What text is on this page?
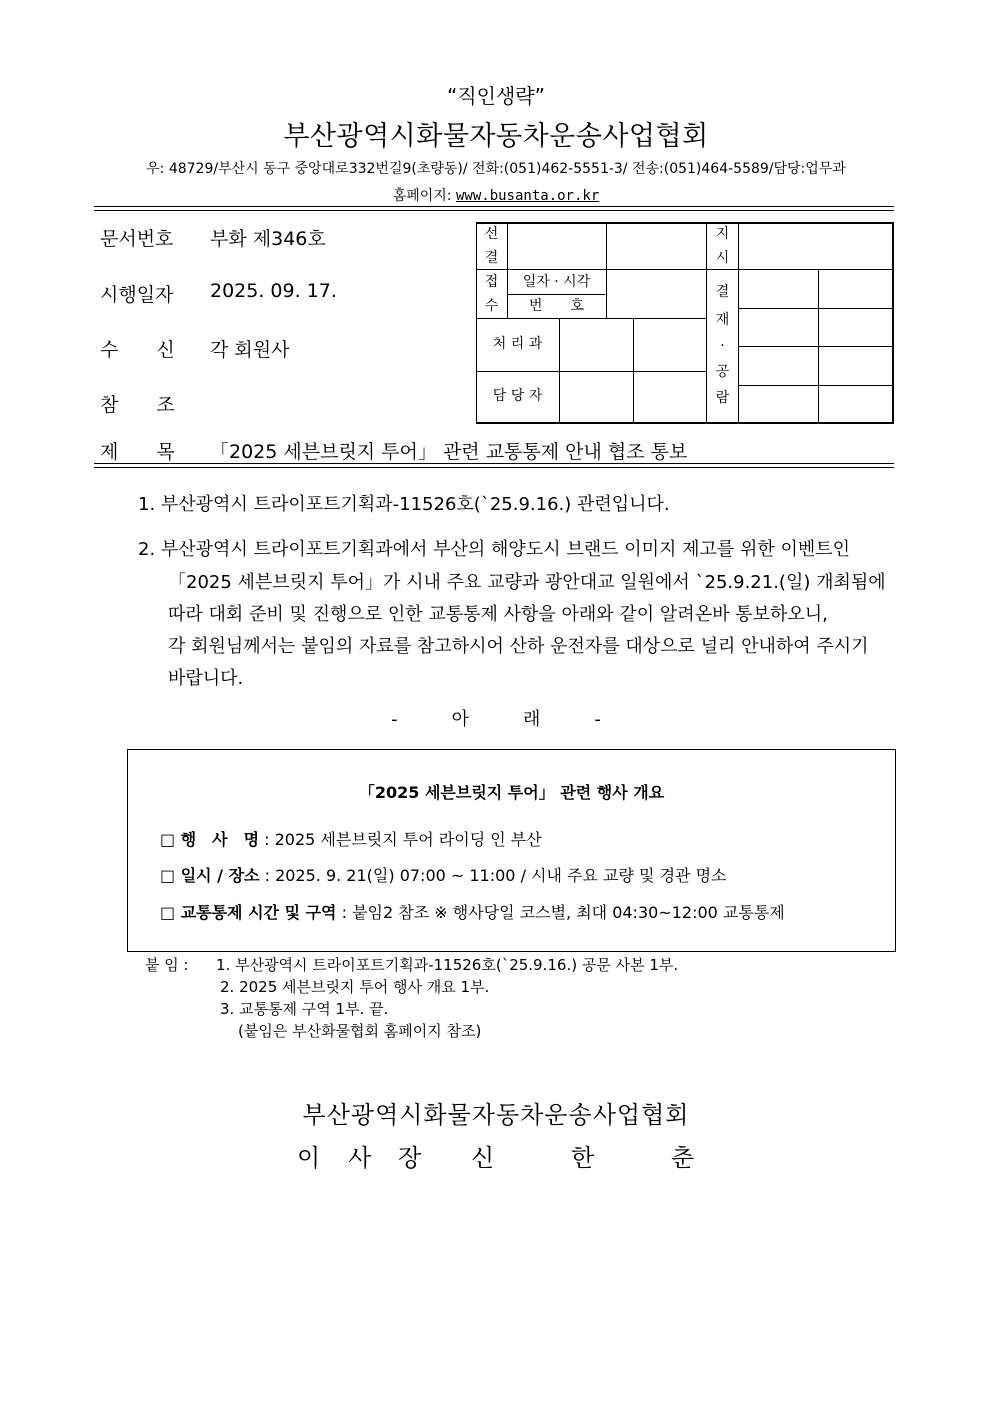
“직인생략”
부산광역시화물자동차운송사업협회
우: 48729/부산시 동구 중앙대로332번길9(초량동)/ 전화:(051)462-5551-3/ 전송:(051)464-5589/담당:업무과
홈페이지: www.busanta.or.kr
문서번호 부화 제346호
시행일자 2025. 09. 17.
수　　신 각 회원사
참　　조
선
결
지
시
접
수
일자 · 시각
번　　호
결
재
·
공
람
처 리 과
담 당 자
제　　목 「2025 세븐브릿지 투어」 관련 교통통제 안내 협조 통보
1. 부산광역시 트라이포트기획과-11526호(`25.9.16.) 관련입니다.
2. 부산광역시 트라이포트기획과에서 부산의 해양도시 브랜드 이미지 제고를 위한 이벤트인
「2025 세븐브릿지 투어」가 시내 주요 교량과 광안대교 일원에서 `25.9.21.(일) 개최됨에
따라 대회 준비 및 진행으로 인한 교통통제 사항을 아래와 같이 알려온바 통보하오니,
각 회원님께서는 붙임의 자료를 참고하시어 산하 운전자를 대상으로 널리 안내하여 주시기
바랍니다.
-　　　아　　　래　　　-
「2025 세븐브릿지 투어」 관련 행사 개요
□ 행　사　명 : 2025 세븐브릿지 투어 라이딩 인 부산
□ 일시 / 장소 : 2025. 9. 21(일) 07:00 ~ 11:00 / 시내 주요 교량 및 경관 명소
□ 교통통제 시간 및 구역 : 붙임2 참조 ※ 행사당일 코스별, 최대 04:30~12:00 교통통제
붙 임 : 1. 부산광역시 트라이포트기획과-11526호(`25.9.16.) 공문 사본 1부.
2. 2025 세븐브릿지 투어 행사 개요 1부.
3. 교통통제 구역 1부. 끝.
(붙임은 부산화물협회 홈페이지 참조)
부산광역시화물자동차운송사업협회
이 사 장 신	한	춘
